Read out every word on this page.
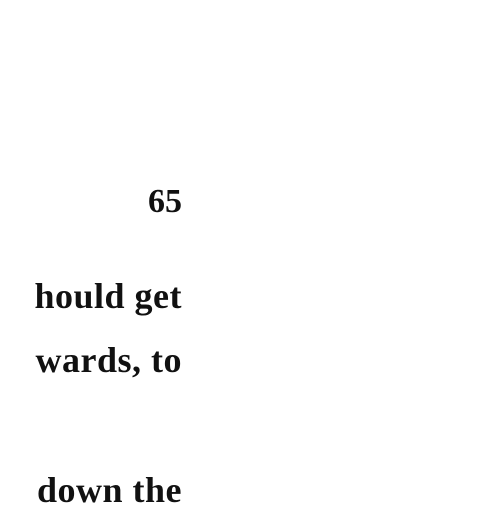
65
hould get
wards, to
down the
